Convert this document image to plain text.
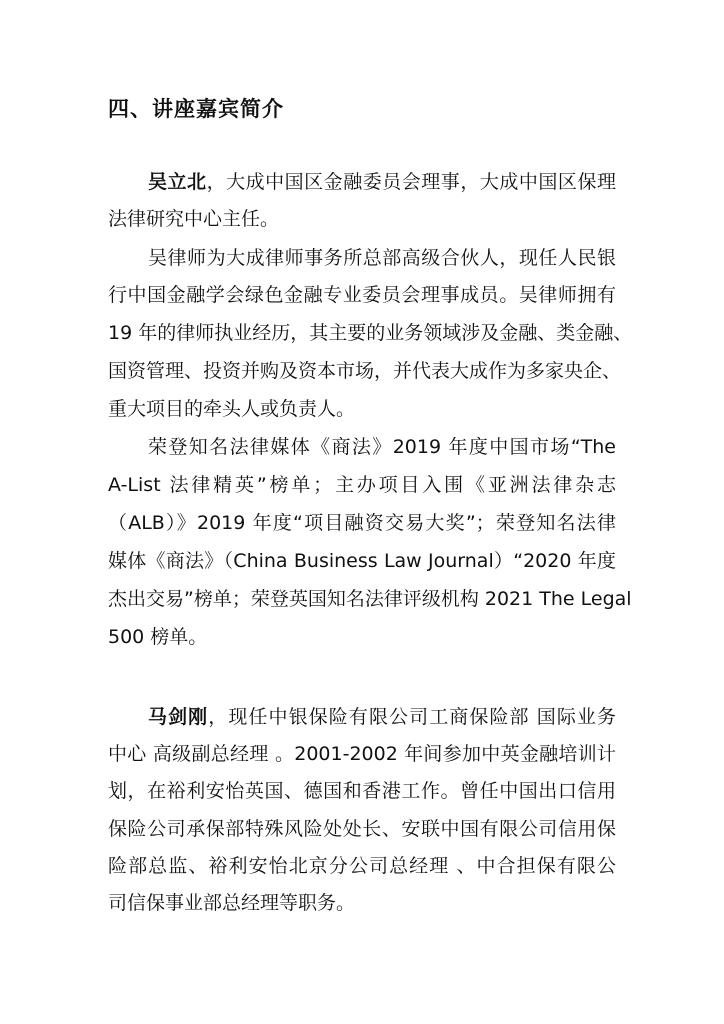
四、讲座嘉宾简介

吴立北，大成中国区金融委员会理事，大成中国区保理

法律研究中心主任。

吴律师为大成律师事务所总部高级合伙人，现任人民银

行中国金融学会绿色金融专业委员会理事成员。吴律师拥有

19 年的律师执业经历，其主要的业务领域涉及金融、类金融、

国资管理、投资并购及资本市场，并代表大成作为多家央企、

重大项目的牵头人或负责人。

荣登知名法律媒体《商法》2019 年度中国市场“The

A-List 法律精英”榜单；主办项目入围《亚洲法律杂志

（ALB）》2019 年度“项目融资交易大奖”；荣登知名法律

媒体《商法》（China Business Law Journal）“2020 年度

杰出交易”榜单；荣登英国知名法律评级机构 2021 The Legal

500 榜单。

马剑刚，现任中银保险有限公司工商保险部 国际业务

中心 高级副总经理 。2001-2002 年间参加中英金融培训计

划，在裕利安怡英国、德国和香港工作。曾任中国出口信用

保险公司承保部特殊风险处处长、安联中国有限公司信用保

险部总监、裕利安怡北京分公司总经理 、中合担保有限公

司信保事业部总经理等职务。
